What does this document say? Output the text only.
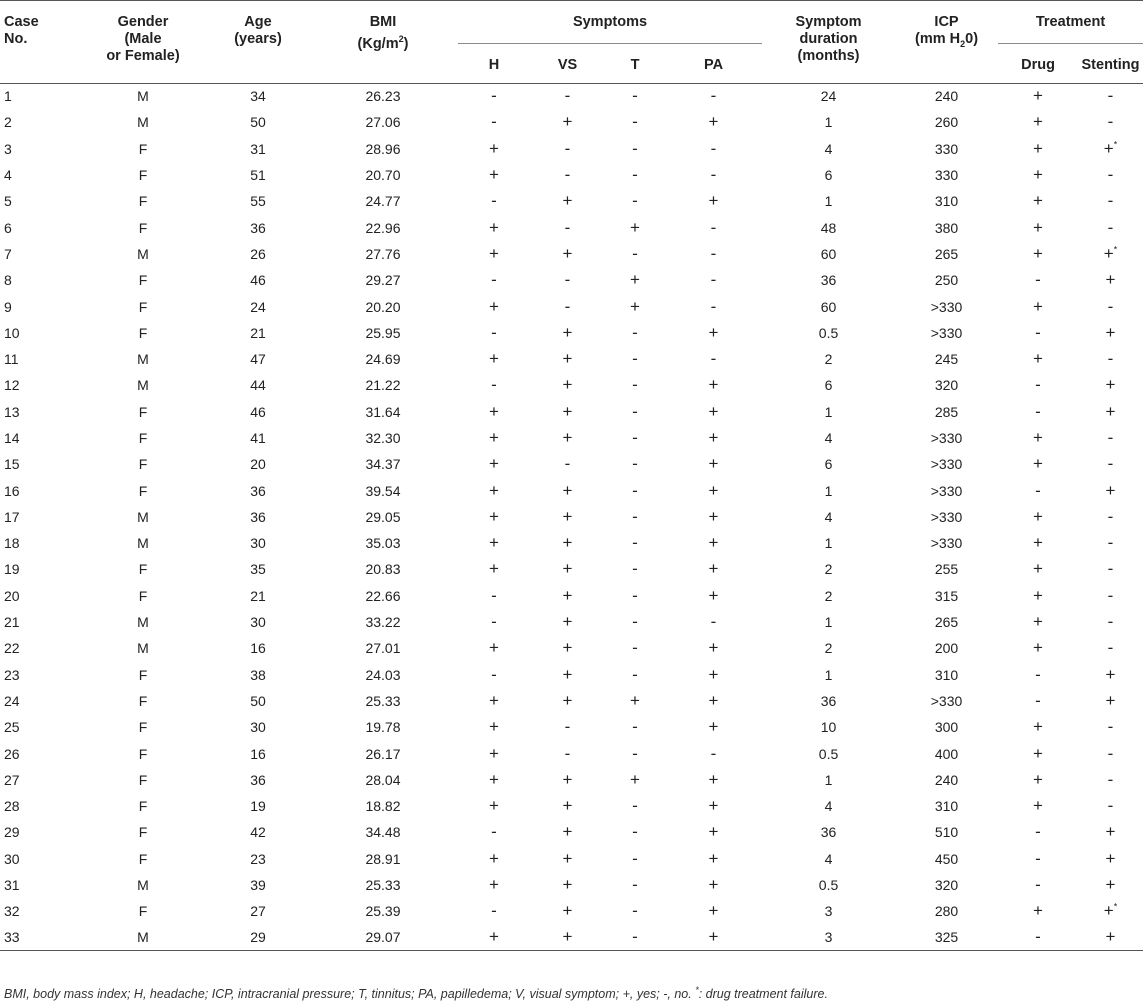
Case
No.	Gender
(Male
or Female)	Age
(years)	BMI
$(Kg/m^2)$	Symptoms				Symptom
duration
(months)	ICP
(mm $H_20$)	Treatment	

				H	VS	T	PA			Drug	Stenting
1	M	34	26.23	-	-	-	-	24	240	+	-
2	M	50	27.06	-	+	-	+	1	260	+	-
3	F	31	28.96	+	-	-	-	4	330	+	+*
4	F	51	20.70	+	-	-	-	6	330	+	-
5	F	55	24.77	-	+	-	+	1	310	+	-
6	F	36	22.96	+	-	+	-	48	380	+	-
7	M	26	27.76	+	+	-	-	60	265	+	+*
8	F	46	29.27	-	-	+	-	36	250	-	+
9	F	24	20.20	+	-	+	-	60	>330	+	-
10	F	21	25.95	-	+	-	+	0.5	>330	-	+
11	M	47	24.69	+	+	-	-	2	245	+	-
12	M	44	21.22	-	+	-	+	6	320	-	+
13	F	46	31.64	+	+	-	+	1	285	-	+
14	F	41	32.30	+	+	-	+	4	>330	+	-
15	F	20	34.37	+	-	-	+	6	>330	+	-
16	F	36	39.54	+	+	-	+	1	>330	-	+
17	M	36	29.05	+	+	-	+	4	>330	+	-
18	M	30	35.03	+	+	-	+	1	>330	+	-
19	F	35	20.83	+	+	-	+	2	255	+	-
20	F	21	22.66	-	+	-	+	2	315	+	-
21	M	30	33.22	-	+	-	-	1	265	+	-
22	M	16	27.01	+	+	-	+	2	200	+	-
23	F	38	24.03	-	+	-	+	1	310	-	+
24	F	50	25.33	+	+	+	+	36	>330	-	+
25	F	30	19.78	+	-	-	+	10	300	+	-
26	F	16	26.17	+	-	-	-	0.5	400	+	-
27	F	36	28.04	+	+	+	+	1	240	+	-
28	F	19	18.82	+	+	-	+	4	310	+	-
29	F	42	34.48	-	+	-	+	36	510	-	+
30	F	23	28.91	+	+	-	+	4	450	-	+
31	M	39	25.33	+	+	-	+	0.5	320	-	+
32	F	27	25.39	-	+	-	+	3	280	+	+*
33	M	29	29.07	+	+	-	+	3	325	-	+
BMI, body mass index; H, headache; ICP, intracranial pressure; T, tinnitus; PA, papilledema; V, visual symptom; +, yes; -, no. *: drug treatment failure.
